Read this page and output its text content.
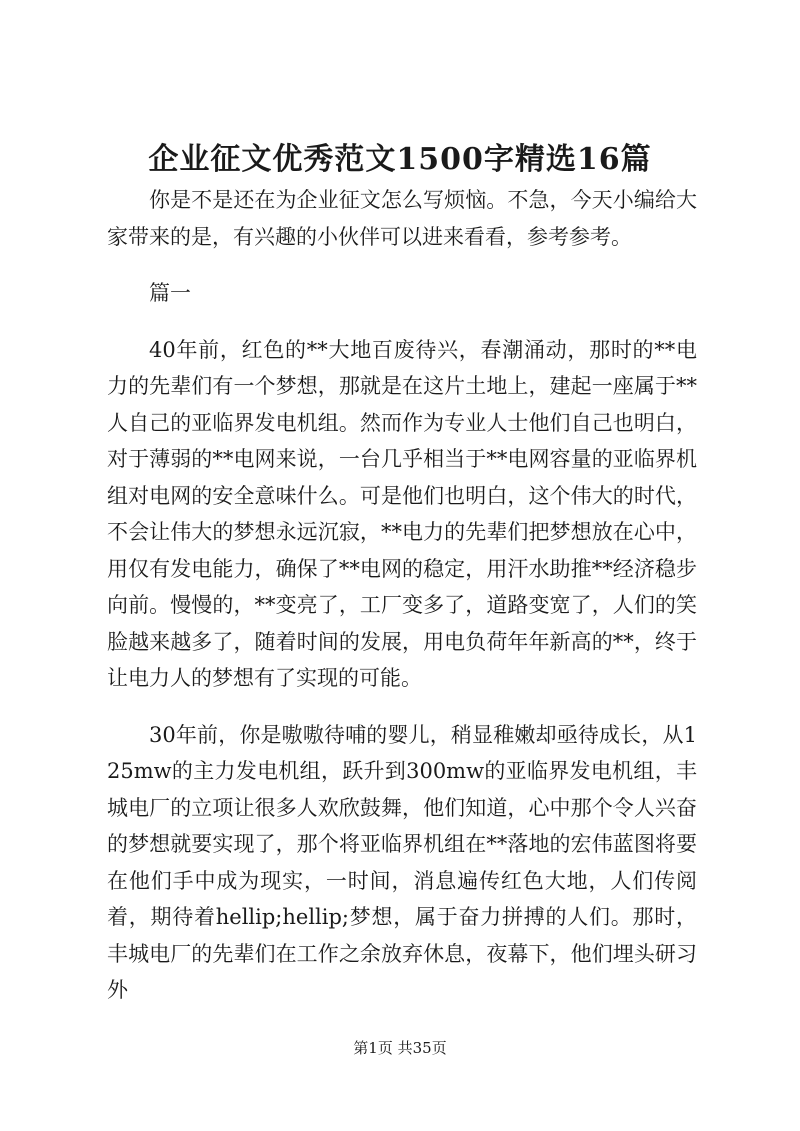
企业征文优秀范文1500字精选16篇

你是不是还在为企业征文怎么写烦恼。不急，今天小编给大家带来的是，有兴趣的小伙伴可以进来看看，参考参考。

篇一

40年前，红色的**大地百废待兴，春潮涌动，那时的**电力的先辈们有一个梦想，那就是在这片土地上，建起一座属于**人自己的亚临界发电机组。然而作为专业人士他们自己也明白，对于薄弱的**电网来说，一台几乎相当于**电网容量的亚临界机组对电网的安全意味什么。可是他们也明白，这个伟大的时代，不会让伟大的梦想永远沉寂，**电力的先辈们把梦想放在心中，用仅有发电能力，确保了**电网的稳定，用汗水助推**经济稳步向前。慢慢的，**变亮了，工厂变多了，道路变宽了，人们的笑脸越来越多了，随着时间的发展，用电负荷年年新高的**，终于让电力人的梦想有了实现的可能。

30年前，你是嗷嗷待哺的婴儿，稍显稚嫩却亟待成长，从125mw的主力发电机组，跃升到300mw的亚临界发电机组，丰城电厂的立项让很多人欢欣鼓舞，他们知道，心中那个令人兴奋的梦想就要实现了，那个将亚临界机组在**落地的宏伟蓝图将要在他们手中成为现实，一时间，消息遍传红色大地，人们传阅着，期待着hellip;hellip;梦想，属于奋力拼搏的人们。那时，丰城电厂的先辈们在工作之余放弃休息，夜幕下，他们埋头研习外

第1页 共35页
